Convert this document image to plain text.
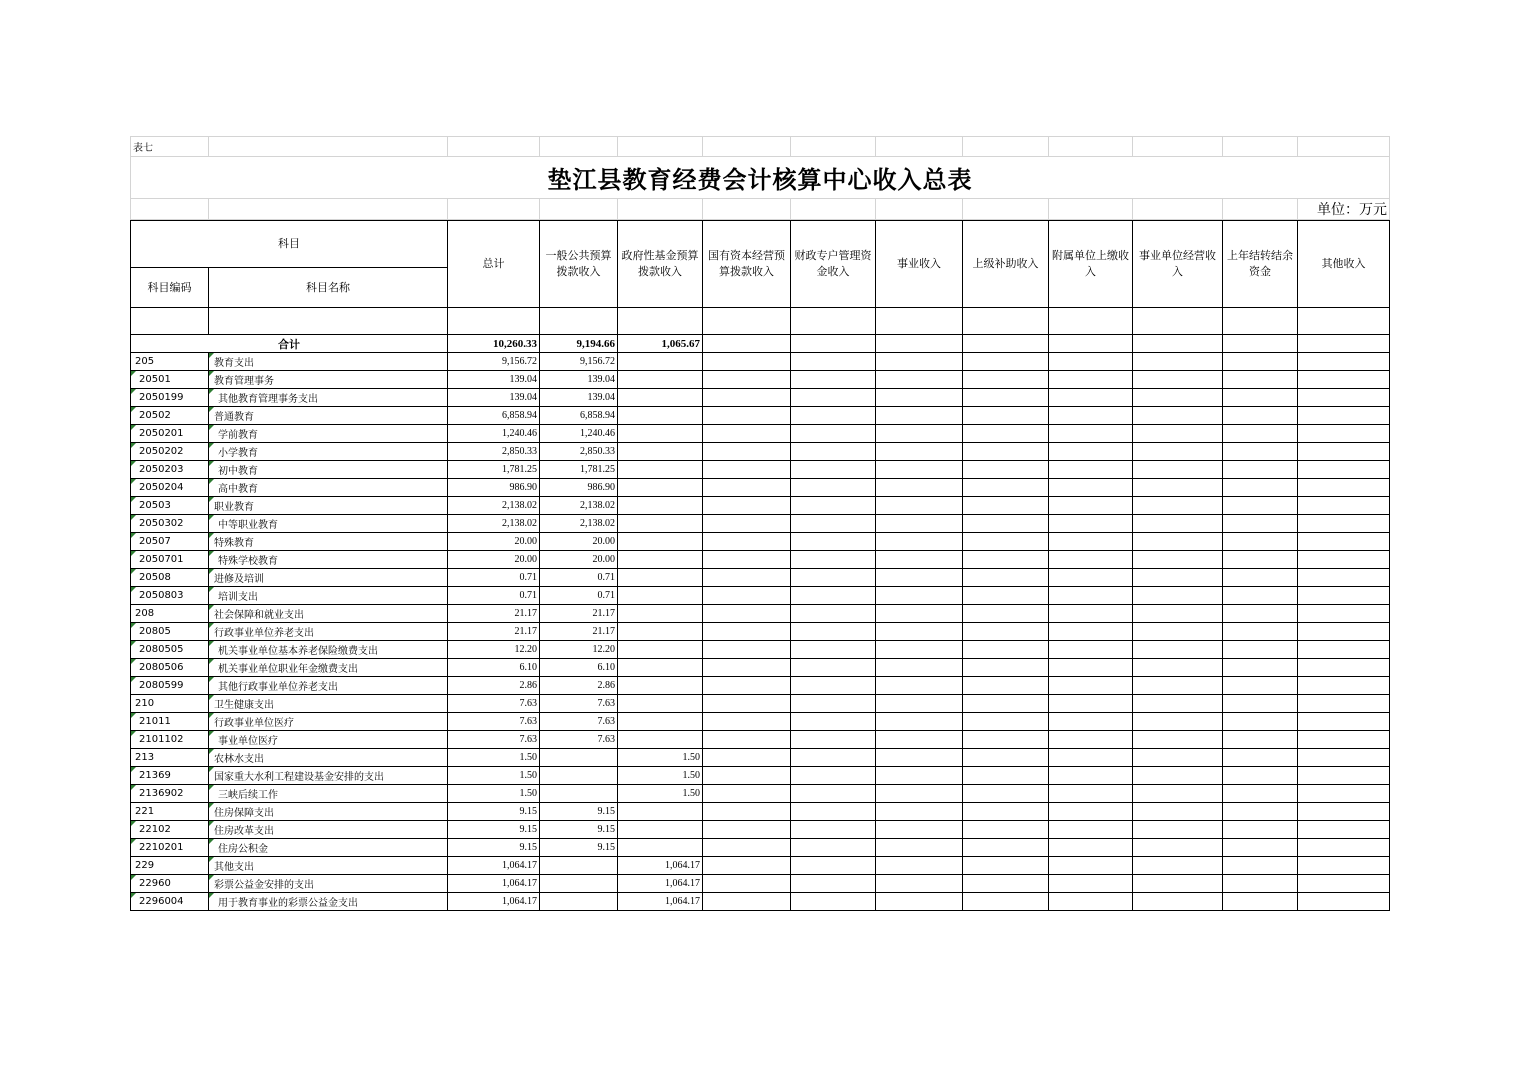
表七												
垫江县教育经费会计核算中心收入总表												
												单位：万元
科目		总计	一般公共预算拨款收入	政府性基金预算拨款收入	国有资本经营预算拨款收入	财政专户管理资金收入	事业收入	上级补助收入	附属单位上缴收入	事业单位经营收入	上年结转结余资金	其他收入
科目编码	科目名称											

合计		10,260.33	9,194.66	1,065.67								
205	教育支出	9,156.72	9,156.72									
20501	教育管理事务	139.04	139.04									
2050199	其他教育管理事务支出	139.04	139.04									
20502	普通教育	6,858.94	6,858.94									
2050201	学前教育	1,240.46	1,240.46									
2050202	小学教育	2,850.33	2,850.33									
2050203	初中教育	1,781.25	1,781.25									
2050204	高中教育	986.90	986.90									
20503	职业教育	2,138.02	2,138.02									
2050302	中等职业教育	2,138.02	2,138.02									
20507	特殊教育	20.00	20.00									
2050701	特殊学校教育	20.00	20.00									
20508	进修及培训	0.71	0.71									
2050803	培训支出	0.71	0.71									
208	社会保障和就业支出	21.17	21.17									
20805	行政事业单位养老支出	21.17	21.17									
2080505	机关事业单位基本养老保险缴费支出	12.20	12.20									
2080506	机关事业单位职业年金缴费支出	6.10	6.10									
2080599	其他行政事业单位养老支出	2.86	2.86									
210	卫生健康支出	7.63	7.63									
21011	行政事业单位医疗	7.63	7.63									
2101102	事业单位医疗	7.63	7.63									
213	农林水支出	1.50		1.50								
21369	国家重大水利工程建设基金安排的支出	1.50		1.50								
2136902	三峡后续工作	1.50		1.50								
221	住房保障支出	9.15	9.15									
22102	住房改革支出	9.15	9.15									
2210201	住房公积金	9.15	9.15									
229	其他支出	1,064.17		1,064.17								
22960	彩票公益金安排的支出	1,064.17		1,064.17								
2296004	用于教育事业的彩票公益金支出	1,064.17		1,064.17								
